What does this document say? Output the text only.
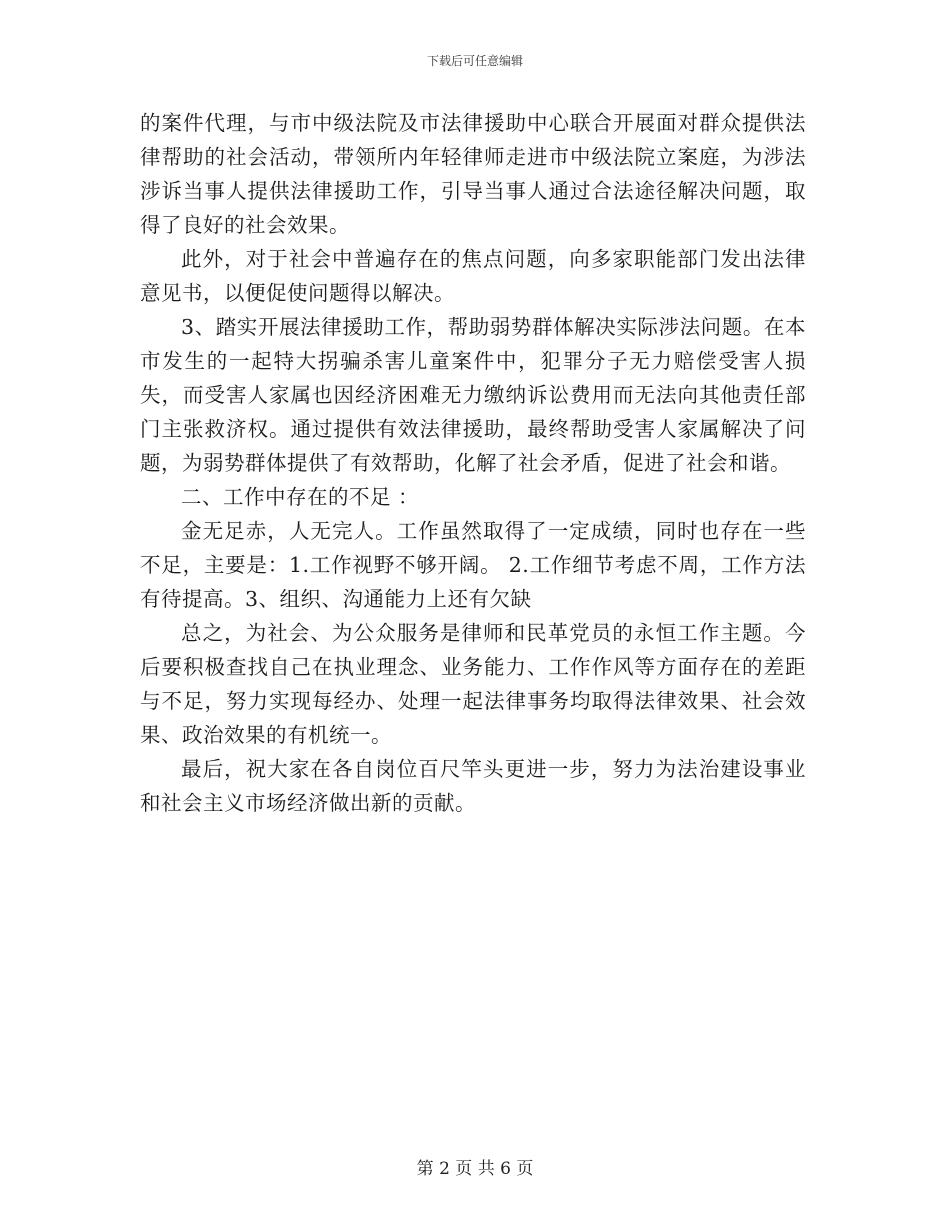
下载后可任意编辑

的案件代理，与市中级法院及市法律援助中心联合开展面对群众提供法律帮助的社会活动，带领所内年轻律师走进市中级法院立案庭，为涉法涉诉当事人提供法律援助工作，引导当事人通过合法途径解决问题，取得了良好的社会效果。

此外，对于社会中普遍存在的焦点问题，向多家职能部门发出法律意见书，以便促使问题得以解决。

3、踏实开展法律援助工作，帮助弱势群体解决实际涉法问题。在本市发生的一起特大拐骗杀害儿童案件中，犯罪分子无力赔偿受害人损失，而受害人家属也因经济困难无力缴纳诉讼费用而无法向其他责任部门主张救济权。通过提供有效法律援助，最终帮助受害人家属解决了问题，为弱势群体提供了有效帮助，化解了社会矛盾，促进了社会和谐。

二、工作中存在的不足 ：

金无足赤，人无完人。工作虽然取得了一定成绩，同时也存在一些不足，主要是：1.工作视野不够开阔。 2.工作细节考虑不周，工作方法有待提高。3、组织、沟通能力上还有欠缺

总之，为社会、为公众服务是律师和民革党员的永恒工作主题。今后要积极查找自己在执业理念、业务能力、工作作风等方面存在的差距与不足，努力实现每经办、处理一起法律事务均取得法律效果、社会效果、政治效果的有机统一。

最后，祝大家在各自岗位百尺竿头更进一步，努力为法治建设事业和社会主义市场经济做出新的贡献。

第 2 页 共 6 页
